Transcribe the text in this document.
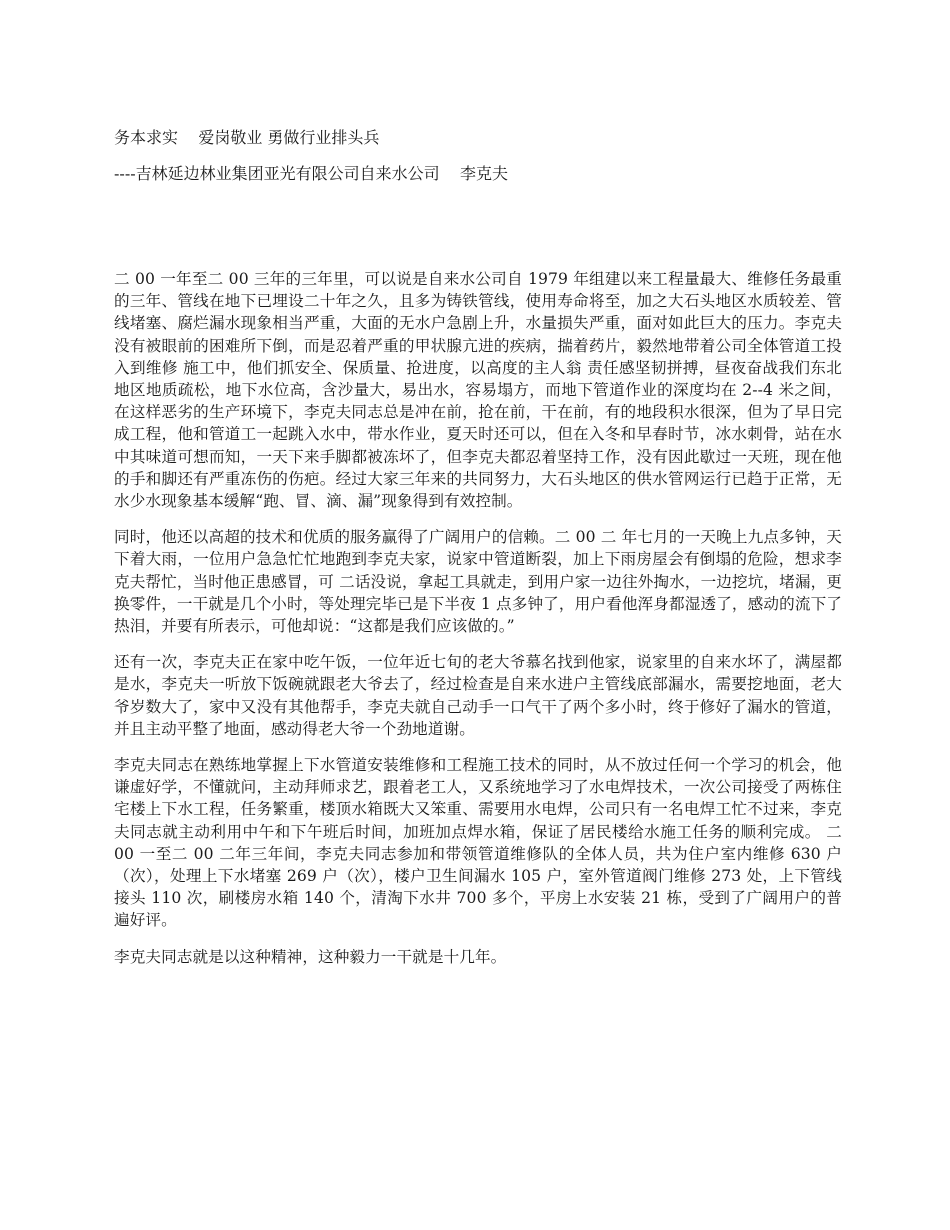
务本求实    爱岗敬业 勇做行业排头兵
----吉林延边林业集团亚光有限公司自来水公司    李克夫

二 00 一年至二 00 三年的三年里，可以说是自来水公司自 1979 年组建以来工程量最大、维修任务最重的三年、管线在地下已埋设二十年之久，且多为铸铁管线，使用寿命将至，加之大石头地区水质较差、管线堵塞、腐烂漏水现象相当严重，大面的无水户急剧上升，水量损失严重，面对如此巨大的压力。李克夫没有被眼前的困难所下倒，而是忍着严重的甲状腺亢进的疾病，揣着药片，毅然地带着公司全体管道工投入到维修 施工中，他们抓安全、保质量、抢进度，以高度的主人翁 责任感坚韧拼搏，昼夜奋战我们东北地区地质疏松，地下水位高，含沙量大，易出水，容易塌方，而地下管道作业的深度均在 2--4 米之间，在这样恶劣的生产环境下，李克夫同志总是冲在前，抢在前，干在前，有的地段积水很深，但为了早日完成工程，他和管道工一起跳入水中，带水作业，夏天时还可以，但在入冬和早春时节，冰水刺骨，站在水中其味道可想而知，一天下来手脚都被冻坏了，但李克夫都忍着坚持工作，没有因此歇过一天班，现在他的手和脚还有严重冻伤的伤疤。经过大家三年来的共同努力，大石头地区的供水管网运行已趋于正常，无水少水现象基本缓解“跑、冒、滴、漏”现象得到有效控制。

同时，他还以高超的技术和优质的服务赢得了广阔用户的信赖。二 00 二 年七月的一天晚上九点多钟，天下着大雨，一位用户急急忙忙地跑到李克夫家，说家中管道断裂，加上下雨房屋会有倒塌的危险，想求李克夫帮忙，当时他正患感冒，可 二话没说，拿起工具就走，到用户家一边往外掏水，一边挖坑，堵漏，更换零件，一干就是几个小时，等处理完毕已是下半夜 1 点多钟了，用户看他浑身都湿透了，感动的流下了热泪，并要有所表示，可他却说：“这都是我们应该做的。”

还有一次，李克夫正在家中吃午饭，一位年近七旬的老大爷慕名找到他家，说家里的自来水坏了，满屋都是水，李克夫一听放下饭碗就跟老大爷去了，经过检查是自来水进户主管线底部漏水，需要挖地面，老大爷岁数大了，家中又没有其他帮手，李克夫就自己动手一口气干了两个多小时，终于修好了漏水的管道，并且主动平整了地面，感动得老大爷一个劲地道谢。

李克夫同志在熟练地掌握上下水管道安装维修和工程施工技术的同时，从不放过任何一个学习的机会，他谦虚好学，不懂就问，主动拜师求艺，跟着老工人，又系统地学习了水电焊技术，一次公司接受了两栋住宅楼上下水工程，任务繁重，楼顶水箱既大又笨重、需要用水电焊，公司只有一名电焊工忙不过来，李克夫同志就主动利用中午和下午班后时间，加班加点焊水箱，保证了居民楼给水施工任务的顺利完成。 二 00 一至二 00 二年三年间，李克夫同志参加和带领管道维修队的全体人员，共为住户室内维修 630 户（次），处理上下水堵塞 269 户（次），楼户卫生间漏水 105 户，室外管道阀门维修 273 处，上下管线接头 110 次，刷楼房水箱 140 个，清淘下水井 700 多个，平房上水安装 21 栋，受到了广阔用户的普遍好评。

李克夫同志就是以这种精神，这种毅力一干就是十几年。
